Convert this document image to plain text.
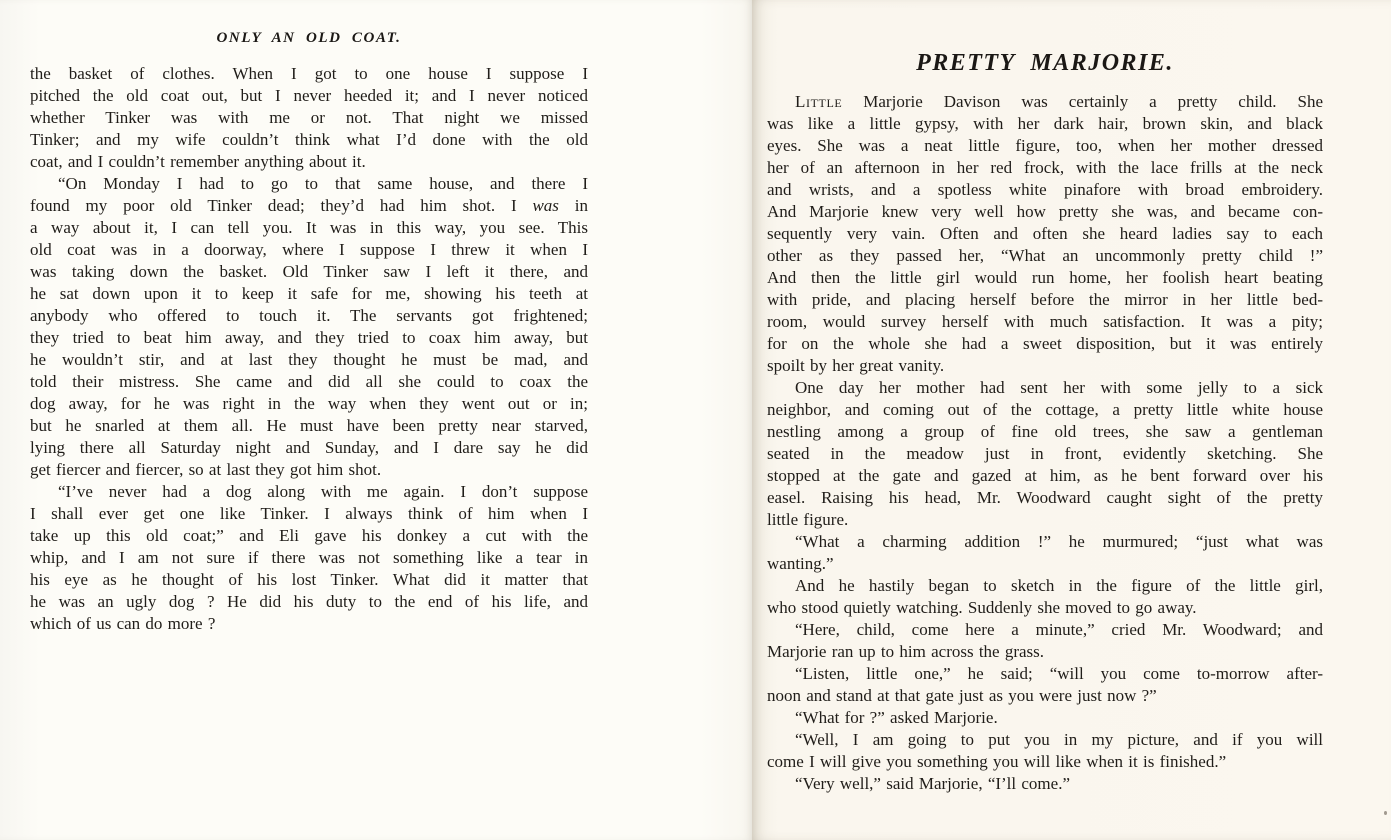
ONLY AN OLD COAT.
the basket of clothes. When I got to one house I suppose I
pitched the old coat out, but I never heeded it; and I never noticed
whether Tinker was with me or not. That night we missed
Tinker; and my wife couldn’t think what I’d done with the old
coat, and I couldn’t remember anything about it.
“On Monday I had to go to that same house, and there I
found my poor old Tinker dead; they’d had him shot. I was in
a way about it, I can tell you. It was in this way, you see. This
old coat was in a doorway, where I suppose I threw it when I
was taking down the basket. Old Tinker saw I left it there, and
he sat down upon it to keep it safe for me, showing his teeth at
anybody who offered to touch it. The servants got frightened;
they tried to beat him away, and they tried to coax him away, but
he wouldn’t stir, and at last they thought he must be mad, and
told their mistress. She came and did all she could to coax the
dog away, for he was right in the way when they went out or in;
but he snarled at them all. He must have been pretty near starved,
lying there all Saturday night and Sunday, and I dare say he did
get fiercer and fiercer, so at last they got him shot.
“I’ve never had a dog along with me again. I don’t suppose
I shall ever get one like Tinker. I always think of him when I
take up this old coat;” and Eli gave his donkey a cut with the
whip, and I am not sure if there was not something like a tear in
his eye as he thought of his lost Tinker. What did it matter that
he was an ugly dog ? He did his duty to the end of his life, and
which of us can do more ?
PRETTY MARJORIE.
Little Marjorie Davison was certainly a pretty child. She
was like a little gypsy, with her dark hair, brown skin, and black
eyes. She was a neat little figure, too, when her mother dressed
her of an afternoon in her red frock, with the lace frills at the neck
and wrists, and a spotless white pinafore with broad embroidery.
And Marjorie knew very well how pretty she was, and became con-
sequently very vain. Often and often she heard ladies say to each
other as they passed her, “What an uncommonly pretty child !”
And then the little girl would run home, her foolish heart beating
with pride, and placing herself before the mirror in her little bed-
room, would survey herself with much satisfaction. It was a pity;
for on the whole she had a sweet disposition, but it was entirely
spoilt by her great vanity.
One day her mother had sent her with some jelly to a sick
neighbor, and coming out of the cottage, a pretty little white house
nestling among a group of fine old trees, she saw a gentleman
seated in the meadow just in front, evidently sketching. She
stopped at the gate and gazed at him, as he bent forward over his
easel. Raising his head, Mr. Woodward caught sight of the pretty
little figure.
“What a charming addition !” he murmured; “just what was
wanting.”
And he hastily began to sketch in the figure of the little girl,
who stood quietly watching. Suddenly she moved to go away.
“Here, child, come here a minute,” cried Mr. Woodward; and
Marjorie ran up to him across the grass.
“Listen, little one,” he said; “will you come to-morrow after-
noon and stand at that gate just as you were just now ?”
“What for ?” asked Marjorie.
“Well, I am going to put you in my picture, and if you will
come I will give you something you will like when it is finished.”
“Very well,” said Marjorie, “I’ll come.”
